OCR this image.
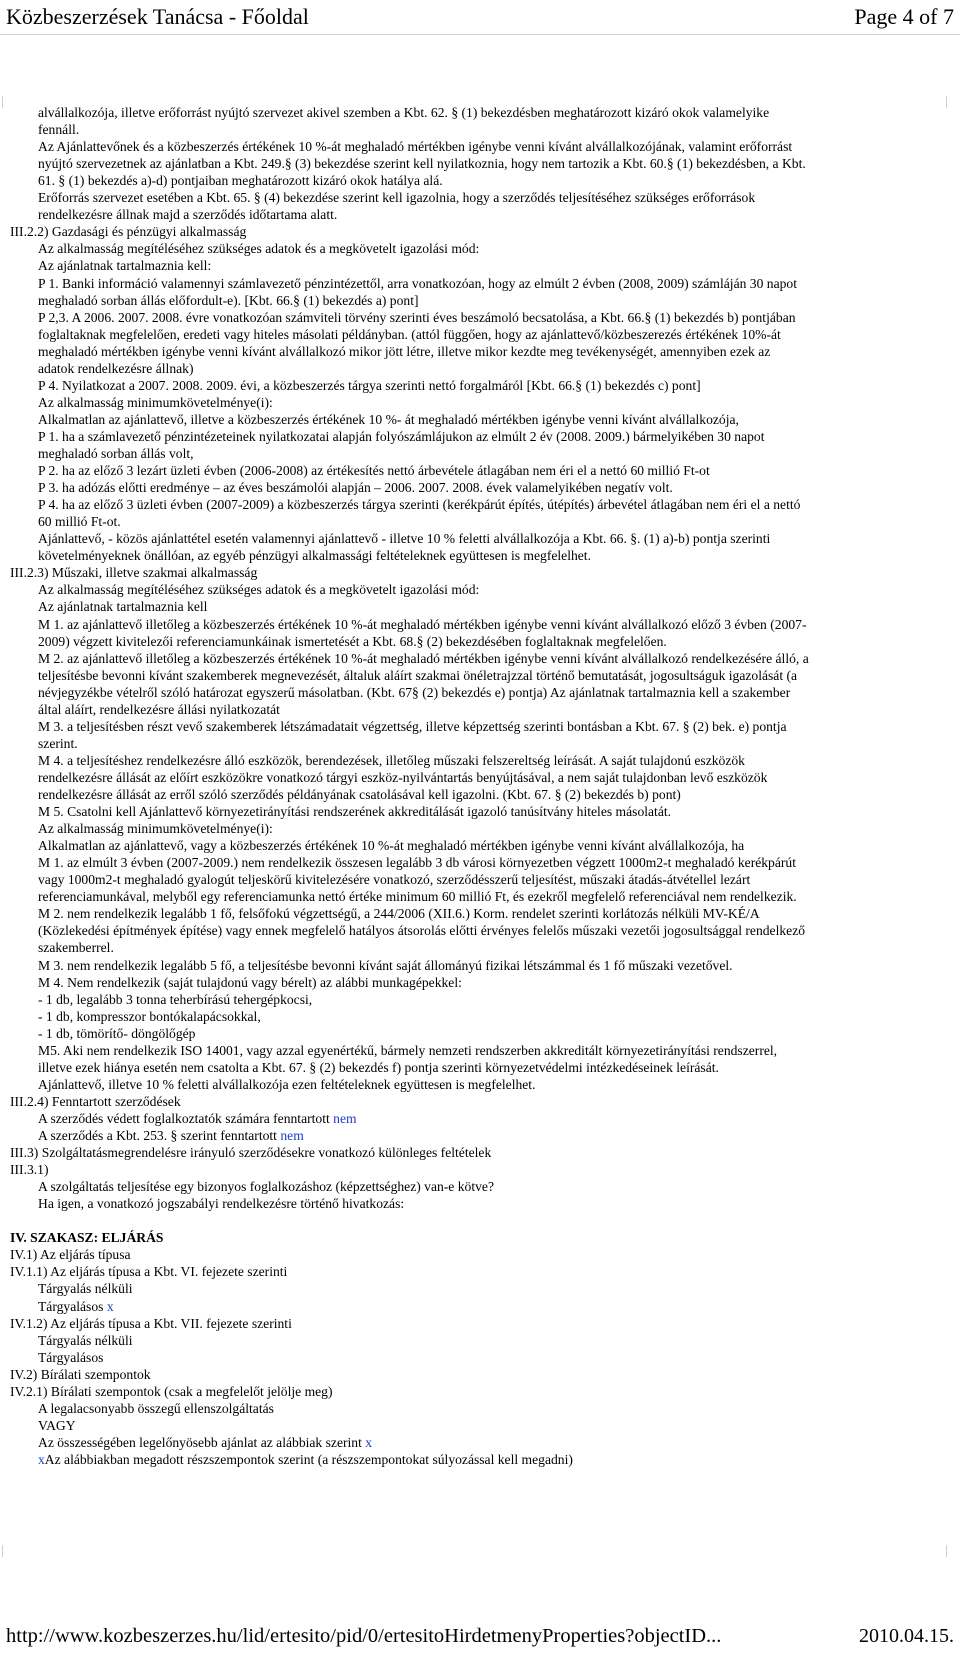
Közbeszerzések Tanácsa - Főoldal	Page 4 of 7
alvállalkozója, illetve erőforrást nyújtó szervezet akivel szemben a Kbt. 62. § (1) bekezdésben meghatározott kizáró okok valamelyike
fennáll.
Az Ajánlattevőnek és a közbeszerzés értékének 10 %-át meghaladó mértékben igénybe venni kívánt alvállalkozójának, valamint erőforrást
nyújtó szervezetnek az ajánlatban a Kbt. 249.§ (3) bekezdése szerint kell nyilatkoznia, hogy nem tartozik a Kbt. 60.§ (1) bekezdésben, a Kbt.
61. § (1) bekezdés a)-d) pontjaiban meghatározott kizáró okok hatálya alá.
Erőforrás szervezet esetében a Kbt. 65. § (4) bekezdése szerint kell igazolnia, hogy a szerződés teljesítéséhez szükséges erőforrások
rendelkezésre állnak majd a szerződés időtartama alatt.
III.2.2) Gazdasági és pénzügyi alkalmasság
Az alkalmasság megítéléséhez szükséges adatok és a megkövetelt igazolási mód:
Az ajánlatnak tartalmaznia kell:
P 1. Banki információ valamennyi számlavezető pénzintézettől, arra vonatkozóan, hogy az elmúlt 2 évben (2008, 2009) számláján 30 napot
meghaladó sorban állás előfordult-e). [Kbt. 66.§ (1) bekezdés a) pont]
P 2,3. A 2006. 2007. 2008. évre vonatkozóan számviteli törvény szerinti éves beszámoló becsatolása, a Kbt. 66.§ (1) bekezdés b) pontjában
foglaltaknak megfelelően, eredeti vagy hiteles másolati példányban. (attól függően, hogy az ajánlattevő/közbeszerezés értékének 10%-át
meghaladó mértékben igénybe venni kívánt alvállalkozó mikor jött létre, illetve mikor kezdte meg tevékenységét, amennyiben ezek az
adatok rendelkezésre állnak)
P 4. Nyilatkozat a 2007. 2008. 2009. évi, a közbeszerzés tárgya szerinti nettó forgalmáról [Kbt. 66.§ (1) bekezdés c) pont]
Az alkalmasság minimumkövetelménye(i):
Alkalmatlan az ajánlattevő, illetve a közbeszerzés értékének 10 %- át meghaladó mértékben igénybe venni kívánt alvállalkozója,
P 1. ha a számlavezető pénzintézeteinek nyilatkozatai alapján folyószámlájukon az elmúlt 2 év (2008. 2009.) bármelyikében 30 napot
meghaladó sorban állás volt,
P 2. ha az előző 3 lezárt üzleti évben (2006-2008) az értékesítés nettó árbevétele átlagában nem éri el a nettó 60 millió Ft-ot
P 3. ha adózás előtti eredménye – az éves beszámolói alapján – 2006. 2007. 2008. évek valamelyikében negatív volt.
P 4. ha az előző 3 üzleti évben (2007-2009) a közbeszerzés tárgya szerinti (kerékpárút építés, útépítés) árbevétel átlagában nem éri el a nettó
60 millió Ft-ot.
Ajánlattevő, - közös ajánlattétel esetén valamennyi ajánlattevő - illetve 10 % feletti alvállalkozója a Kbt. 66. §. (1) a)-b) pontja szerinti
követelményeknek önállóan, az egyéb pénzügyi alkalmassági feltételeknek együttesen is megfelelhet.
III.2.3) Műszaki, illetve szakmai alkalmasság
Az alkalmasság megítéléséhez szükséges adatok és a megkövetelt igazolási mód:
Az ajánlatnak tartalmaznia kell
M 1. az ajánlattevő illetőleg a közbeszerzés értékének 10 %-át meghaladó mértékben igénybe venni kívánt alvállalkozó előző 3 évben (2007-
2009) végzett kivitelezői referenciamunkáinak ismertetését a Kbt. 68.§ (2) bekezdésében foglaltaknak megfelelően.
M 2. az ajánlattevő illetőleg a közbeszerzés értékének 10 %-át meghaladó mértékben igénybe venni kívánt alvállalkozó rendelkezésére álló, a
teljesítésbe bevonni kívánt szakemberek megnevezését, általuk aláírt szakmai önéletrajzzal történő bemutatását, jogosultságuk igazolását (a
névjegyzékbe vételről szóló határozat egyszerű másolatban. (Kbt. 67§ (2) bekezdés e) pontja) Az ajánlatnak tartalmaznia kell a szakember
által aláírt, rendelkezésre állási nyilatkozatát
M 3. a teljesítésben részt vevő szakemberek létszámadatait végzettség, illetve képzettség szerinti bontásban a Kbt. 67. § (2) bek. e) pontja
szerint.
M 4. a teljesítéshez rendelkezésre álló eszközök, berendezések, illetőleg műszaki felszereltség leírását. A saját tulajdonú eszközök
rendelkezésre állását az előírt eszközökre vonatkozó tárgyi eszköz-nyilvántartás benyújtásával, a nem saját tulajdonban levő eszközök
rendelkezésre állását az erről szóló szerződés példányának csatolásával kell igazolni. (Kbt. 67. § (2) bekezdés b) pont)
M 5. Csatolni kell Ajánlattevő környezetirányítási rendszerének akkreditálását igazoló tanúsítvány hiteles másolatát.
Az alkalmasság minimumkövetelménye(i):
Alkalmatlan az ajánlattevő, vagy a közbeszerzés értékének 10 %-át meghaladó mértékben igénybe venni kívánt alvállalkozója, ha
M 1. az elmúlt 3 évben (2007-2009.) nem rendelkezik összesen legalább 3 db városi környezetben végzett 1000m2-t meghaladó kerékpárút
vagy 1000m2-t meghaladó gyalogút teljeskörű kivitelezésére vonatkozó, szerződésszerű teljesítést, műszaki átadás-átvétellel lezárt
referenciamunkával, melyből egy referenciamunka nettó értéke minimum 60 millió Ft, és ezekről megfelelő referenciával nem rendelkezik.
M 2. nem rendelkezik legalább 1 fő, felsőfokú végzettségű, a 244/2006 (XII.6.) Korm. rendelet szerinti korlátozás nélküli MV-KÉ/A
(Közlekedési építmények építése) vagy ennek megfelelő hatályos átsorolás előtti érvényes felelős műszaki vezetői jogosultsággal rendelkező
szakemberrel.
M 3. nem rendelkezik legalább 5 fő, a teljesítésbe bevonni kívánt saját állományú fizikai létszámmal és 1 fő műszaki vezetővel.
M 4. Nem rendelkezik (saját tulajdonú vagy bérelt) az alábbi munkagépekkel:
- 1 db, legalább 3 tonna teherbírású tehergépkocsi,
- 1 db, kompresszor bontókalapácsokkal,
- 1 db, tömörítő- döngölőgép
M5. Aki nem rendelkezik ISO 14001, vagy azzal egyenértékű, bármely nemzeti rendszerben akkreditált környezetirányítási rendszerrel,
illetve ezek hiánya esetén nem csatolta a Kbt. 67. § (2) bekezdés f) pontja szerinti környezetvédelmi intézkedéseinek leírását.
Ajánlattevő, illetve 10 % feletti alvállalkozója ezen feltételeknek együttesen is megfelelhet.
III.2.4) Fenntartott szerződések
A szerződés védett foglalkoztatók számára fenntartott nem
A szerződés a Kbt. 253. § szerint fenntartott nem
III.3) Szolgáltatásmegrendelésre irányuló szerződésekre vonatkozó különleges feltételek
III.3.1)
A szolgáltatás teljesítése egy bizonyos foglalkozáshoz (képzettséghez) van-e kötve?
Ha igen, a vonatkozó jogszabályi rendelkezésre történő hivatkozás:
IV. SZAKASZ: ELJÁRÁS
IV.1) Az eljárás típusa
IV.1.1) Az eljárás típusa a Kbt. VI. fejezete szerinti
Tárgyalás nélküli
Tárgyalásos x
IV.1.2) Az eljárás típusa a Kbt. VII. fejezete szerinti
Tárgyalás nélküli
Tárgyalásos
IV.2) Bírálati szempontok
IV.2.1) Bírálati szempontok (csak a megfelelőt jelölje meg)
A legalacsonyabb összegű ellenszolgáltatás
VAGY
Az összességében legelőnyösebb ajánlat az alábbiak szerint x
xAz alábbiakban megadott részszempontok szerint (a részszempontokat súlyozással kell megadni)
http://www.kozbeszerzes.hu/lid/ertesito/pid/0/ertesitoHirdetmenyProperties?objectID...	2010.04.15.
